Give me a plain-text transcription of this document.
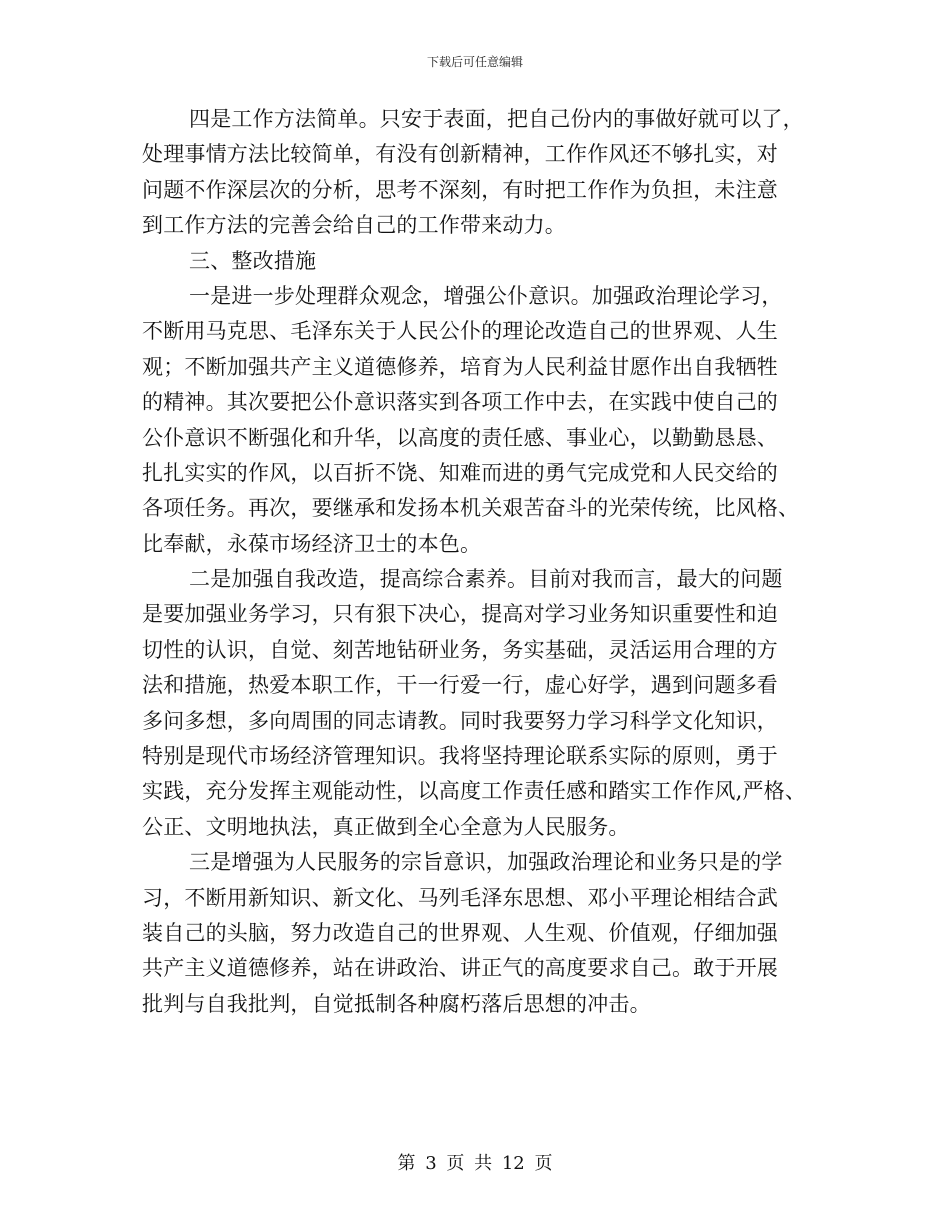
下载后可任意编辑
四是工作方法简单。只安于表面，把自己份内的事做好就可以了，
处理事情方法比较简单，有没有创新精神，工作作风还不够扎实，对
问题不作深层次的分析，思考不深刻，有时把工作作为负担，未注意
到工作方法的完善会给自己的工作带来动力。
三、整改措施
一是进一步处理群众观念，增强公仆意识。加强政治理论学习，
不断用马克思、毛泽东关于人民公仆的理论改造自己的世界观、人生
观；不断加强共产主义道德修养，培育为人民利益甘愿作出自我牺牲
的精神。其次要把公仆意识落实到各项工作中去，在实践中使自己的
公仆意识不断强化和升华，以高度的责任感、事业心，以勤勤恳恳、
扎扎实实的作风，以百折不饶、知难而进的勇气完成党和人民交给的
各项任务。再次，要继承和发扬本机关艰苦奋斗的光荣传统，比风格、
比奉献，永葆市场经济卫士的本色。
二是加强自我改造，提高综合素养。目前对我而言，最大的问题
是要加强业务学习，只有狠下决心，提高对学习业务知识重要性和迫
切性的认识，自觉、刻苦地钻研业务，务实基础，灵活运用合理的方
法和措施，热爱本职工作，干一行爱一行，虚心好学，遇到问题多看
多问多想，多向周围的同志请教。同时我要努力学习科学文化知识，
特别是现代市场经济管理知识。我将坚持理论联系实际的原则，勇于
实践，充分发挥主观能动性，以高度工作责任感和踏实工作作风,严格、
公正、文明地执法，真正做到全心全意为人民服务。
三是增强为人民服务的宗旨意识，加强政治理论和业务只是的学
习，不断用新知识、新文化、马列毛泽东思想、邓小平理论相结合武
装自己的头脑，努力改造自己的世界观、人生观、价值观，仔细加强
共产主义道德修养，站在讲政治、讲正气的高度要求自己。敢于开展
批判与自我批判，自觉抵制各种腐朽落后思想的冲击。
第 3 页 共 12 页
